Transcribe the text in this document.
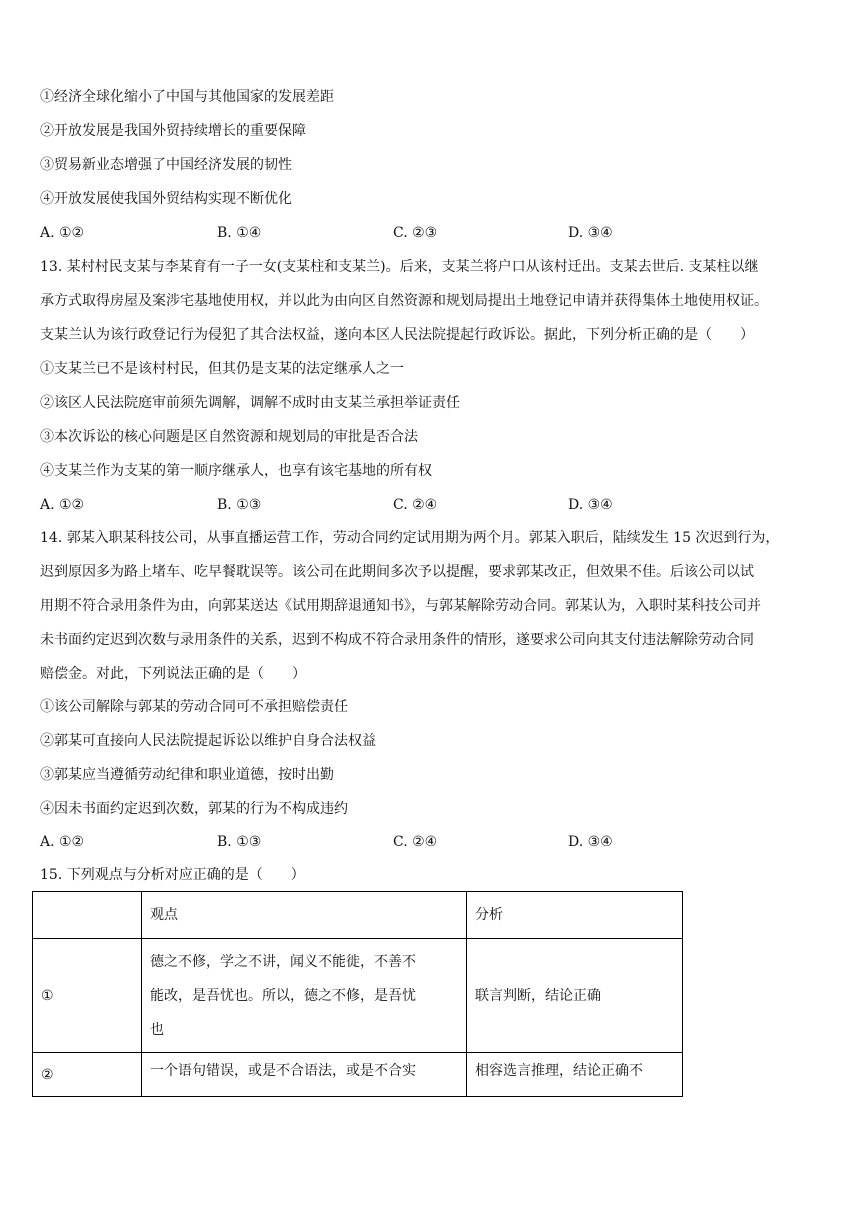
①经济全球化缩小了中国与其他国家的发展差距
②开放发展是我国外贸持续增长的重要保障
③贸易新业态增强了中国经济发展的韧性
④开放发展使我国外贸结构实现不断优化
A. ①②	B. ①④	C. ②③	D. ③④
13. 某村村民支某与李某育有一子一女(支某柱和支某兰)。后来，支某兰将户口从该村迁出。支某去世后. 支某柱以继
承方式取得房屋及案涉宅基地使用权，并以此为由向区自然资源和规划局提出土地登记申请并获得集体土地使用权证。
支某兰认为该行政登记行为侵犯了其合法权益，遂向本区人民法院提起行政诉讼。据此，下列分析正确的是（　　）
①支某兰已不是该村村民，但其仍是支某的法定继承人之一
②该区人民法院庭审前须先调解，调解不成时由支某兰承担举证责任
③本次诉讼的核心问题是区自然资源和规划局的审批是否合法
④支某兰作为支某的第一顺序继承人，也享有该宅基地的所有权
A. ①②	B. ①③	C. ②④	D. ③④
14. 郭某入职某科技公司，从事直播运营工作，劳动合同约定试用期为两个月。郭某入职后，陆续发生 15 次迟到行为，
迟到原因多为路上堵车、吃早餐耽误等。该公司在此期间多次予以提醒，要求郭某改正，但效果不佳。后该公司以试
用期不符合录用条件为由，向郭某送达《试用期辞退通知书》，与郭某解除劳动合同。郭某认为，入职时某科技公司并
未书面约定迟到次数与录用条件的关系，迟到不构成不符合录用条件的情形，遂要求公司向其支付违法解除劳动合同
赔偿金。对此，下列说法正确的是（　　）
①该公司解除与郭某的劳动合同可不承担赔偿责任
②郭某可直接向人民法院提起诉讼以维护自身合法权益
③郭某应当遵循劳动纪律和职业道德，按时出勤
④因未书面约定迟到次数，郭某的行为不构成违约
A. ①②	B. ①③	C. ②④	D. ③④
15. 下列观点与分析对应正确的是（　　）
	观点	分析
①	德之不修，学之不讲，闻义不能徙，不善不
能改，是吾忧也。所以，德之不修，是吾忧
也	联言判断，结论正确
②	一个语句错误，或是不合语法，或是不合实	相容选言推理，结论正确不
